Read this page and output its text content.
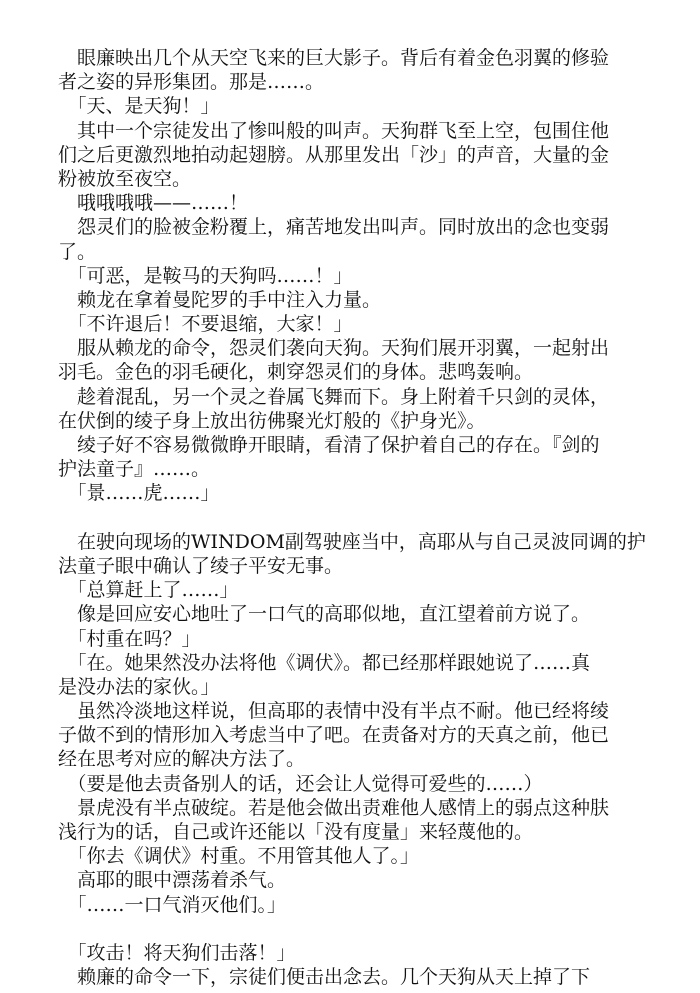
　眼廉映出几个从天空飞来的巨大影子。背后有着金色羽翼的修验
者之姿的异形集团。那是……。
　「天、是天狗！」
　其中一个宗徒发出了惨叫般的叫声。天狗群飞至上空，包围住他
们之后更激烈地拍动起翅膀。从那里发出「沙」的声音，大量的金
粉被放至夜空。
　哦哦哦哦——……！
　怨灵们的脸被金粉覆上，痛苦地发出叫声。同时放出的念也变弱
了。
　「可恶，是鞍马的天狗吗……！」
　赖龙在拿着曼陀罗的手中注入力量。
　「不许退后！不要退缩，大家！」
　服从赖龙的命令，怨灵们袭向天狗。天狗们展开羽翼，一起射出
羽毛。金色的羽毛硬化，刺穿怨灵们的身体。悲鸣轰响。
　趁着混乱，另一个灵之眷属飞舞而下。身上附着千只剑的灵体，
在伏倒的绫子身上放出彷佛聚光灯般的《护身光》。
　绫子好不容易微微睁开眼睛，看清了保护着自己的存在。『剑的
护法童子』……。
　「景……虎……」
　在驶向现场的WINDOM副驾驶座当中，高耶从与自己灵波同调的护
法童子眼中确认了绫子平安无事。
　「总算赶上了……」
　像是回应安心地吐了一口气的高耶似地，直江望着前方说了。
　「村重在吗？」
　「在。她果然没办法将他《调伏》。都已经那样跟她说了……真
是没办法的家伙。」
　虽然冷淡地这样说，但高耶的表情中没有半点不耐。他已经将绫
子做不到的情形加入考虑当中了吧。在责备对方的天真之前，他已
经在思考对应的解决方法了。
　（要是他去责备别人的话，还会让人觉得可爱些的……）
　景虎没有半点破绽。若是他会做出责难他人感情上的弱点这种肤
浅行为的话，自己或许还能以「没有度量」来轻蔑他的。
　「你去《调伏》村重。不用管其他人了。」
　高耶的眼中漂荡着杀气。
　「……一口气消灭他们。」
　「攻击！将天狗们击落！」
　赖廉的命令一下，宗徒们便击出念去。几个天狗从天上掉了下
